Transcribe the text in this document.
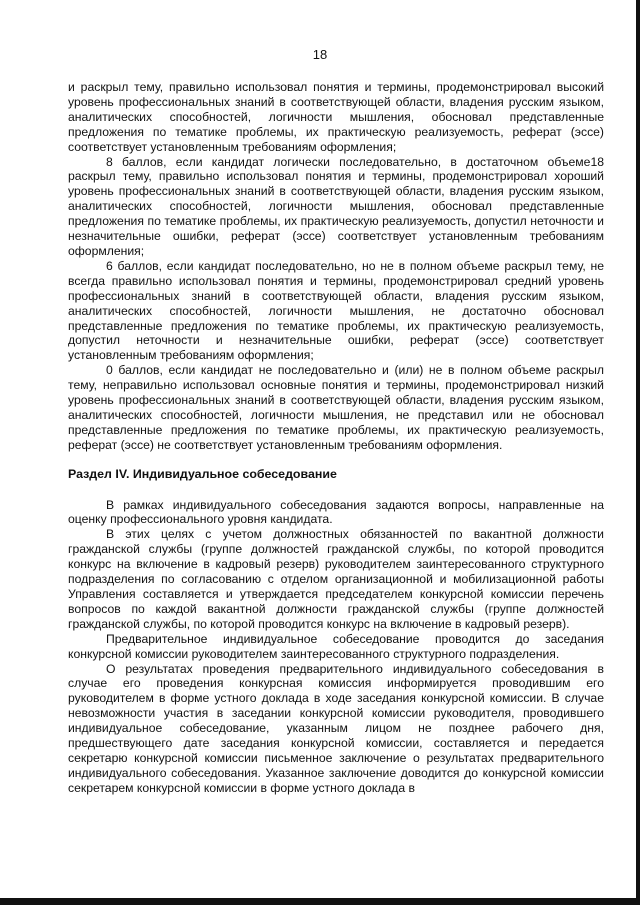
18

и раскрыл тему, правильно использовал понятия и термины, продемонстрировал высокий уровень профессиональных знаний в соответствующей области, владения русским языком, аналитических способностей, логичности мышления, обосновал представленные предложения по тематике проблемы, их практическую реализуемость, реферат (эссе) соответствует установленным требованиям оформления;

8 баллов, если кандидат логически последовательно, в достаточном объеме18 раскрыл тему, правильно использовал понятия и термины, продемонстрировал хороший уровень профессиональных знаний в соответствующей области, владения русским языком, аналитических способностей, логичности мышления, обосновал представленные предложения по тематике проблемы, их практическую реализуемость, допустил неточности и незначительные ошибки, реферат (эссе) соответствует установленным требованиям оформления;

6 баллов, если кандидат последовательно, но не в полном объеме раскрыл тему, не всегда правильно использовал понятия и термины, продемонстрировал средний уровень профессиональных знаний в соответствующей области, владения русским языком, аналитических способностей, логичности мышления, не достаточно обосновал представленные предложения по тематике проблемы, их практическую реализуемость, допустил неточности и незначительные ошибки, реферат (эссе) соответствует установленным требованиям оформления;

0 баллов, если кандидат не последовательно и (или) не в полном объеме раскрыл тему, неправильно использовал основные понятия и термины, продемонстрировал низкий уровень профессиональных знаний в соответствующей области, владения русским языком, аналитических способностей, логичности мышления, не представил или не обосновал представленные предложения по тематике проблемы, их практическую реализуемость, реферат (эссе) не соответствует установленным требованиям оформления.

Раздел IV. Индивидуальное собеседование

В рамках индивидуального собеседования задаются вопросы, направленные на оценку профессионального уровня кандидата.

В этих целях с учетом должностных обязанностей по вакантной должности гражданской службы (группе должностей гражданской службы, по которой проводится конкурс на включение в кадровый резерв) руководителем заинтересованного структурного подразделения по согласованию с отделом организационной и мобилизационной работы Управления составляется и утверждается председателем конкурсной комиссии перечень вопросов по каждой вакантной должности гражданской службы (группе должностей гражданской службы, по которой проводится конкурс на включение в кадровый резерв).

Предварительное индивидуальное собеседование проводится до заседания конкурсной комиссии руководителем заинтересованного структурного подразделения.

О результатах проведения предварительного индивидуального собеседования в случае его проведения конкурсная комиссия информируется проводившим его руководителем в форме устного доклада в ходе заседания конкурсной комиссии. В случае невозможности участия в заседании конкурсной комиссии руководителя, проводившего индивидуальное собеседование, указанным лицом не позднее рабочего дня, предшествующего дате заседания конкурсной комиссии, составляется и передается секретарю конкурсной комиссии письменное заключение о результатах предварительного индивидуального собеседования. Указанное заключение доводится до конкурсной комиссии секретарем конкурсной комиссии в форме устного доклада в
